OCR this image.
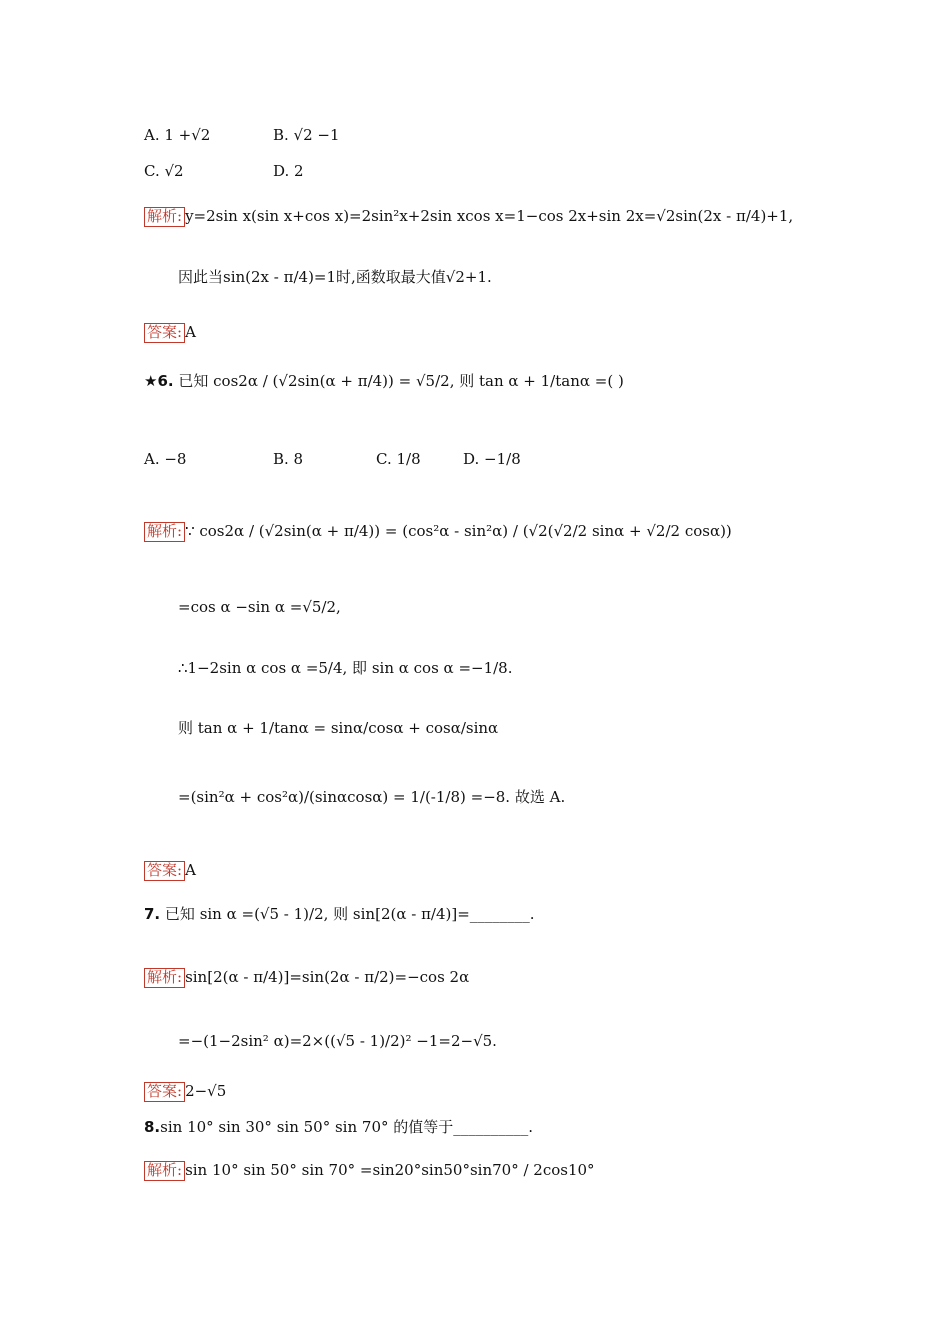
A. 1 +√2	B. √2 −1
C. √2	D. 2
解析: y=2sin x(sin x+cos x)=2sin²x+2sin xcos x=1−cos 2x+sin 2x=√2sin(2x - π/4)+1,
因此当sin(2x - π/4)=1时,函数取最大值√2+1.
答案: A
★6. 已知 cos2α / (√2sin(α + π/4)) = √5/2, 则 tan α + 1/tanα =( )
A. −8	B. 8	C. 1/8	D. −1/8
解析: ∵ cos2α / (√2sin(α + π/4)) = (cos²α - sin²α) / (√2(√2/2 sinα + √2/2 cosα))
=cos α −sin α =√5/2,
∴1−2sin α cos α =5/4, 即 sin α cos α =−1/8.
则 tan α + 1/tanα = sinα/cosα + cosα/sinα
=(sin²α + cos²α)/(sinαcosα) = 1/(-1/8) =−8. 故选 A.
答案: A
7. 已知 sin α =(√5 - 1)/2, 则 sin[2(α - π/4)]=________.
解析: sin[2(α - π/4)]=sin(2α - π/2)=−cos 2α
=−(1−2sin² α)=2×((√5 - 1)/2)² −1=2−√5.
答案: 2−√5
8.sin 10° sin 30° sin 50° sin 70° 的值等于__________.
解析: sin 10° sin 50° sin 70° =sin20°sin50°sin70° / 2cos10°
